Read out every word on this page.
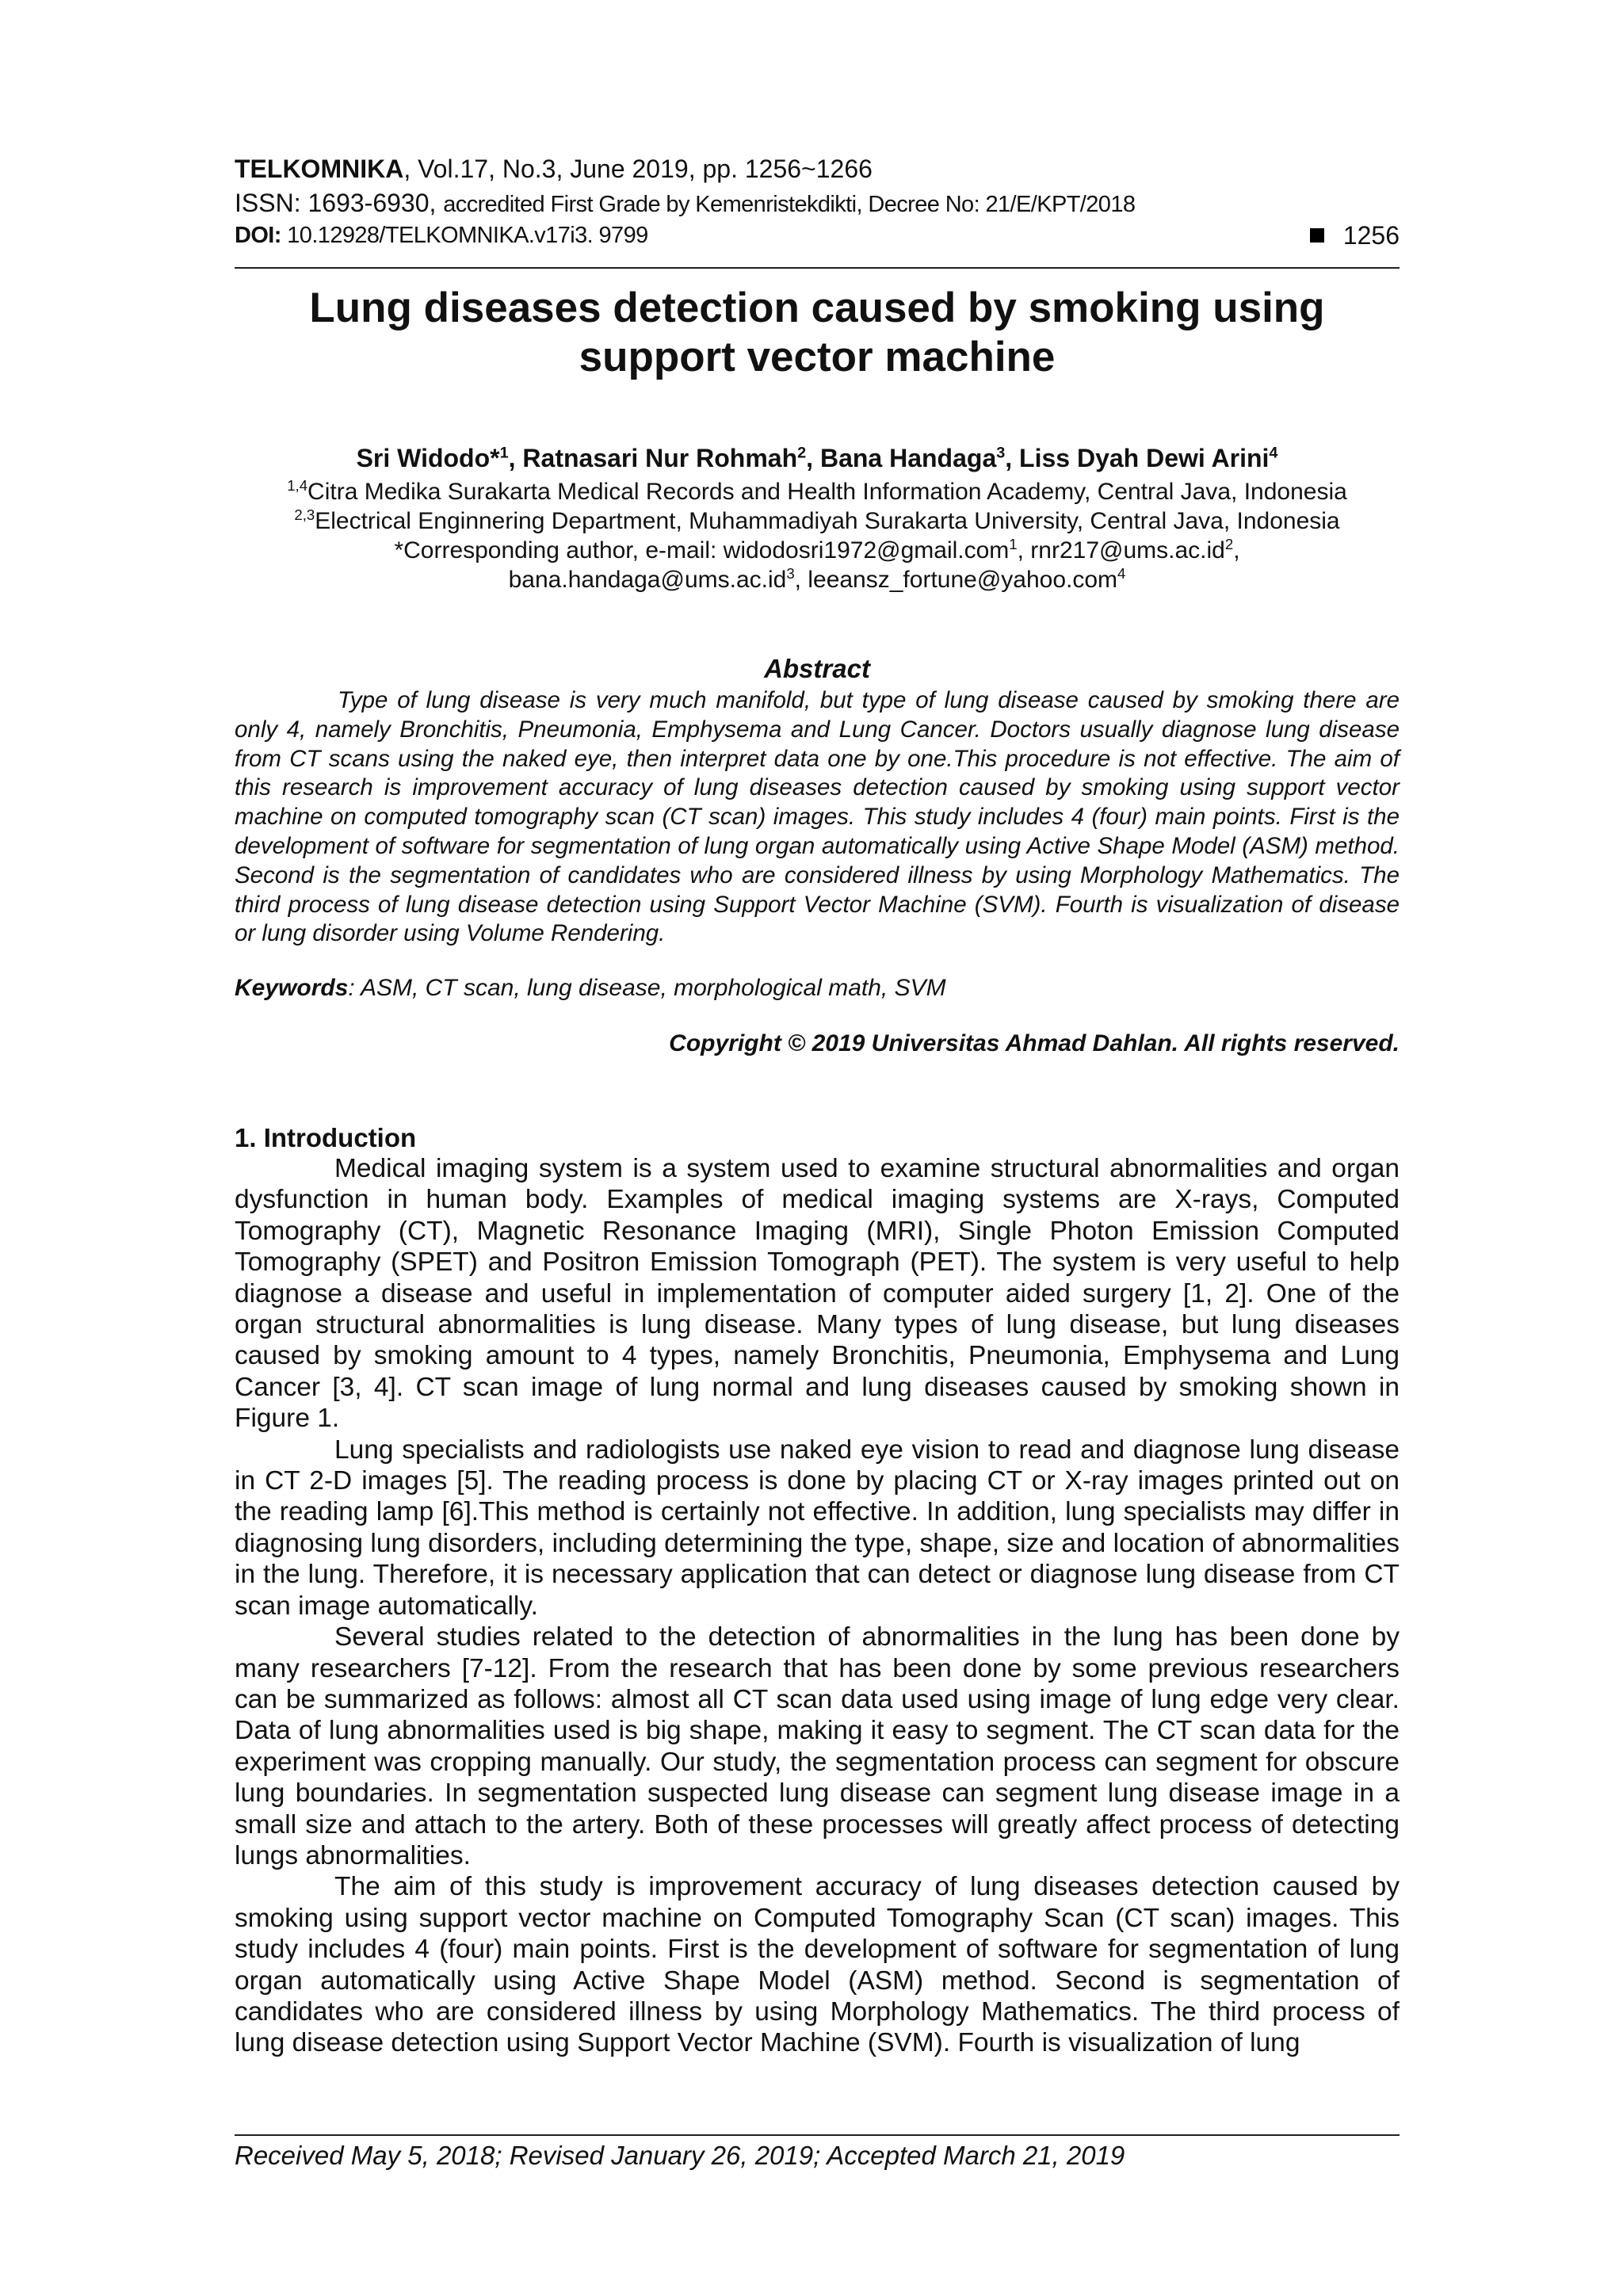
TELKOMNIKA, Vol.17, No.3, June 2019, pp. 1256~1266
ISSN: 1693-6930, accredited First Grade by Kemenristekdikti, Decree No: 21/E/KPT/2018
DOI: 10.12928/TELKOMNIKA.v17i3. 9799	1256
Lung diseases detection caused by smoking using
support vector machine
Sri Widodo*$^1$, Ratnasari Nur Rohmah$^2$, Bana Handaga$^3$, Liss Dyah Dewi Arini$^4$
$^{1,4}$Citra Medika Surakarta Medical Records and Health Information Academy, Central Java, Indonesia
$^{2,3}$Electrical Enginnering Department, Muhammadiyah Surakarta University, Central Java, Indonesia
*Corresponding author, e-mail: widodosri1972@gmail.com$^1$, $rnr217@ums.ac.id^2$,
$bana.handaga@ums.ac.id^3$, leeansz_fortune@yahoo.com$^4$
Abstract

Type of lung disease is very much manifold, but type of lung disease caused by smoking there are only 4, namely Bronchitis, Pneumonia, Emphysema and Lung Cancer. Doctors usually diagnose lung disease from CT scans using the naked eye, then interpret data one by one.This procedure is not effective. The aim of this research is improvement accuracy of lung diseases detection caused by smoking using support vector machine on computed tomography scan (CT scan) images. This study includes 4 (four) main points. First is the development of software for segmentation of lung organ automatically using Active Shape Model (ASM) method. Second is the segmentation of candidates who are considered illness by using Morphology Mathematics. The third process of lung disease detection using Support Vector Machine (SVM). Fourth is visualization of disease or lung disorder using Volume Rendering.

Keywords: ASM, CT scan, lung disease, morphological math, SVM
Copyright © 2019 Universitas Ahmad Dahlan. All rights reserved.
1. Introduction

Medical imaging system is a system used to examine structural abnormalities and organ dysfunction in human body. Examples of medical imaging systems are X-rays, Computed Tomography (CT), Magnetic Resonance Imaging (MRI), Single Photon Emission Computed Tomography (SPET) and Positron Emission Tomograph (PET). The system is very useful to help diagnose a disease and useful in implementation of computer aided surgery [1, 2]. One of the organ structural abnormalities is lung disease. Many types of lung disease, but lung diseases caused by smoking amount to 4 types, namely Bronchitis, Pneumonia, Emphysema and Lung Cancer [3, 4]. CT scan image of lung normal and lung diseases caused by smoking shown in Figure 1.

Lung specialists and radiologists use naked eye vision to read and diagnose lung disease in CT 2-D images [5]. The reading process is done by placing CT or X-ray images printed out on the reading lamp [6].This method is certainly not effective. In addition, lung specialists may differ in diagnosing lung disorders, including determining the type, shape, size and location of abnormalities in the lung. Therefore, it is necessary application that can detect or diagnose lung disease from CT scan image automatically.

Several studies related to the detection of abnormalities in the lung has been done by many researchers [7-12]. From the research that has been done by some previous researchers can be summarized as follows: almost all CT scan data used using image of lung edge very clear. Data of lung abnormalities used is big shape, making it easy to segment. The CT scan data for the experiment was cropping manually. Our study, the segmentation process can segment for obscure lung boundaries. In segmentation suspected lung disease can segment lung disease image in a small size and attach to the artery. Both of these processes will greatly affect process of detecting lungs abnormalities.

The aim of this study is improvement accuracy of lung diseases detection caused by smoking using support vector machine on Computed Tomography Scan (CT scan) images. This study includes 4 (four) main points. First is the development of software for segmentation of lung organ automatically using Active Shape Model (ASM) method. Second is segmentation of candidates who are considered illness by using Morphology Mathematics. The third process of lung disease detection using Support Vector Machine (SVM). Fourth is visualization of lung

Received May 5, 2018; Revised January 26, 2019; Accepted March 21, 2019
